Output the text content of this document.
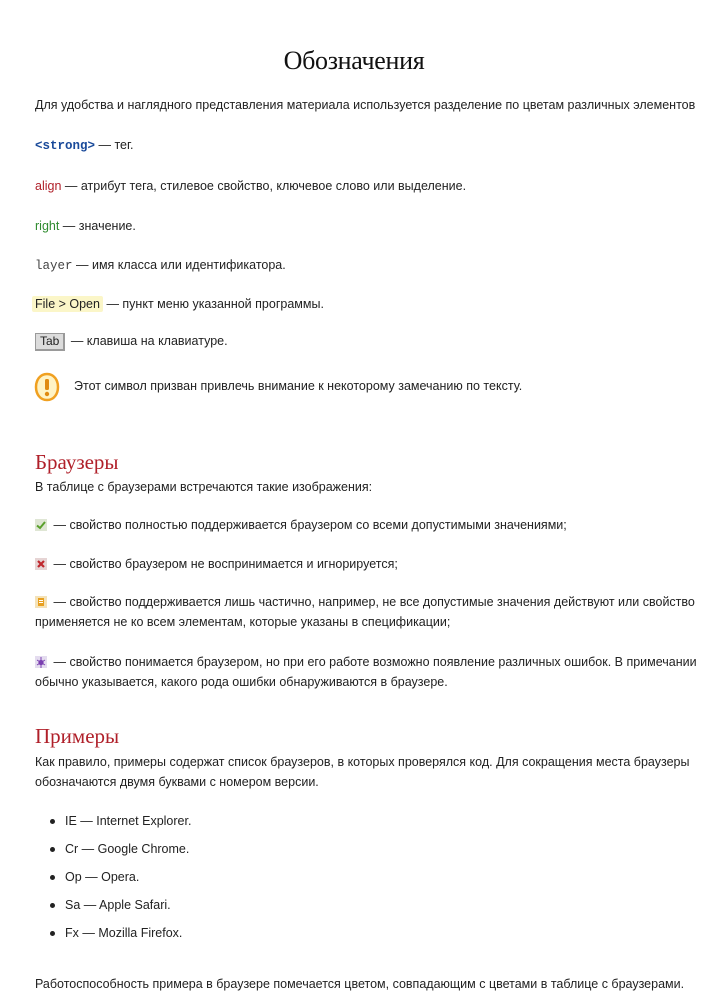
Обозначения

Для удобства и наглядного представления материала используется разделение по цветам различных элементов

<strong> — тег.

align — атрибут тега, стилевое свойство, ключевое слово или выделение.

right — значение.

layer — имя класса или идентификатора.

File > Open — пункт меню указанной программы.

Tab — клавиша на клавиатуре.

Этот символ призван привлечь внимание к некоторому замечанию по тексту.

Браузеры

В таблице с браузерами встречаются такие изображения:

— свойство полностью поддерживается браузером со всеми допустимыми значениями;

— свойство браузером не воспринимается и игнорируется;

— свойство поддерживается лишь частично, например, не все допустимые значения действуют или свойство применяется не ко всем элементам, которые указаны в спецификации;

— свойство понимается браузером, но при его работе возможно появление различных ошибок. В примечании обычно указывается, какого рода ошибки обнаруживаются в браузере.

Примеры

Как правило, примеры содержат список браузеров, в которых проверялся код. Для сокращения места браузеры обозначаются двумя буквами с номером версии.

IE — Internet Explorer.
Cr — Google Chrome.
Op — Opera.
Sa — Apple Safari.
Fx — Mozilla Firefox.

Работоспособность примера в браузере помечается цветом, совпадающим с цветами в таблице с браузерами.
